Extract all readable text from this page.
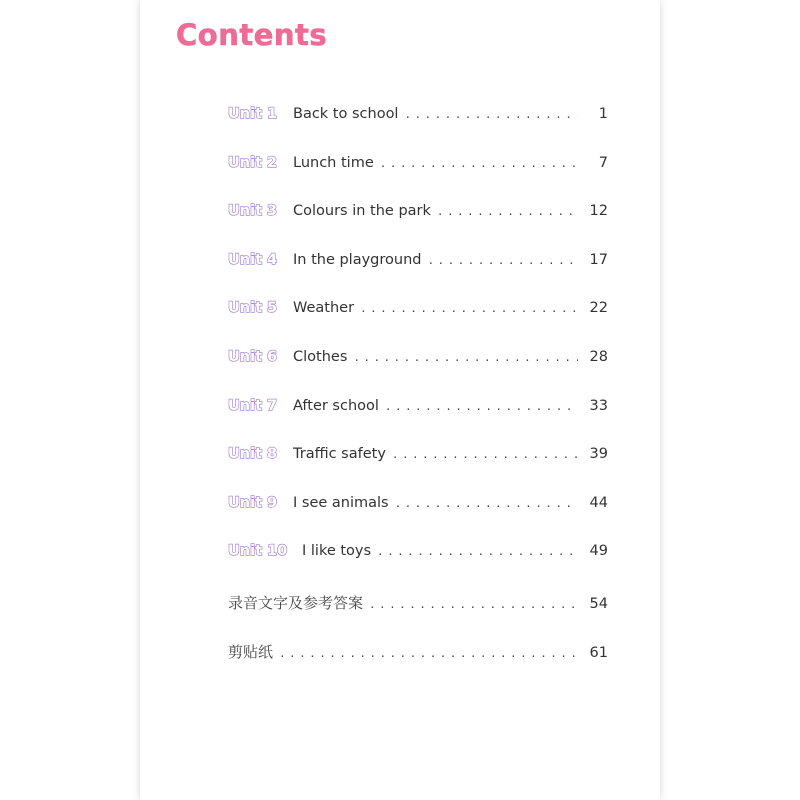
Contents
Unit 1	Back to school . . .	1
Unit 2	Lunch time . . .	7
Unit 3	Colours in the park . . .	12
Unit 4	In the playground . . .	17
Unit 5	Weather . . .	22
Unit 6	Clothes . . .	28
Unit 7	After school . . .	33
Unit 8	Traffic safety . . .	39
Unit 9	I see animals . . .	44
Unit 10	I like toys . . .	49
录音文字及参考答案 . . .	54
剪贴纸 . . .	61
